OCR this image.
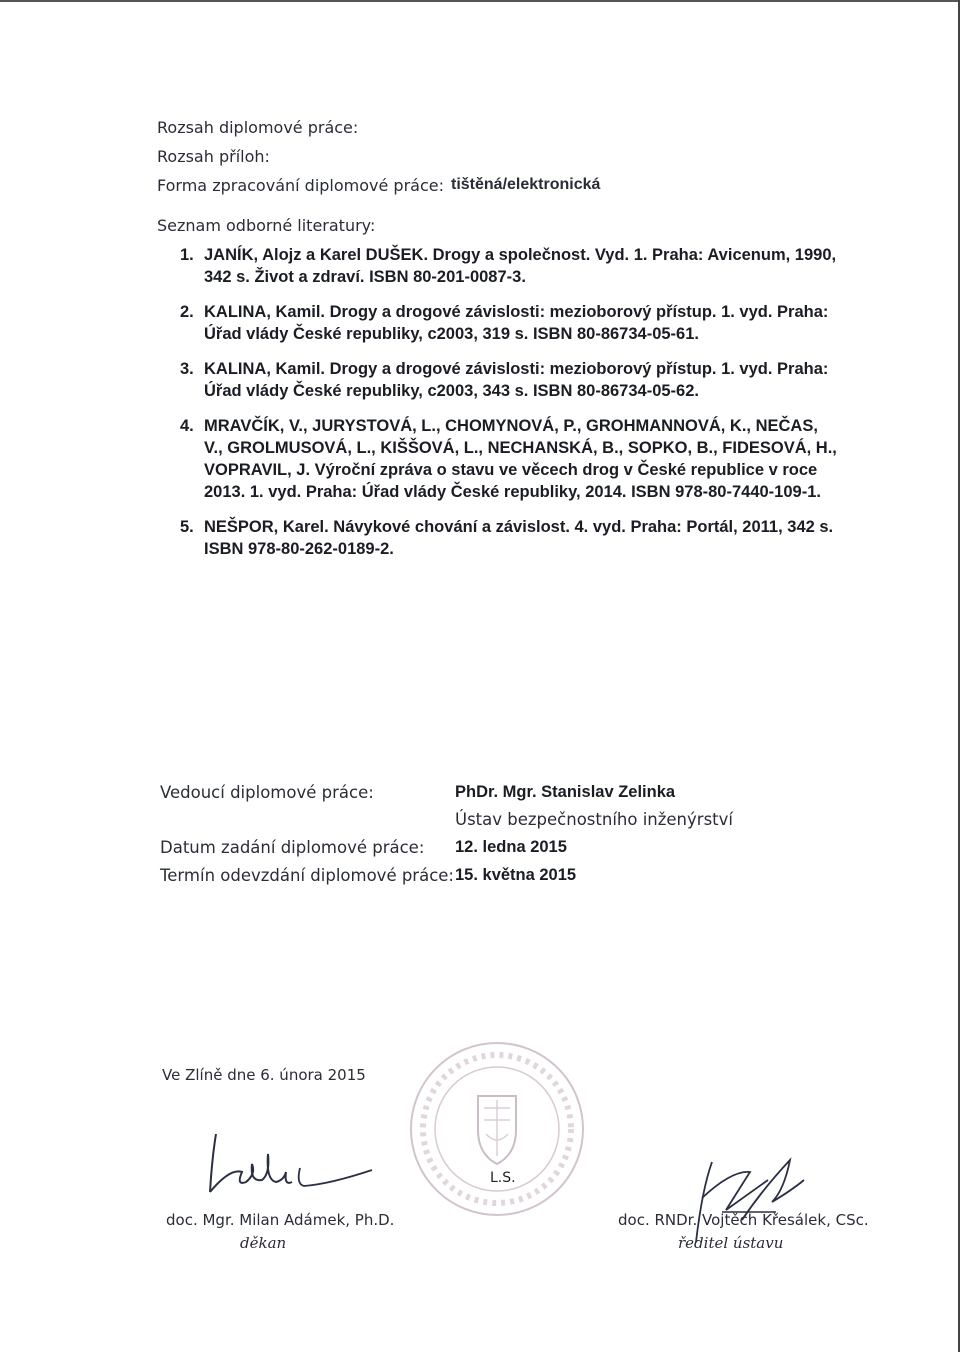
Rozsah diplomové práce:
Rozsah příloh:
Forma zpracování diplomové práce: tištěná/elektronická
Seznam odborné literatury:
1. JANÍK, Alojz a Karel DUŠEK. Drogy a společnost. Vyd. 1. Praha: Avicenum, 1990, 342 s. Život a zdraví. ISBN 80-201-0087-3.
2. KALINA, Kamil. Drogy a drogové závislosti: mezioborový přístup. 1. vyd. Praha: Úřad vlády České republiky, c2003, 319 s. ISBN 80-86734-05-61.
3. KALINA, Kamil. Drogy a drogové závislosti: mezioborový přístup. 1. vyd. Praha: Úřad vlády České republiky, c2003, 343 s. ISBN 80-86734-05-62.
4. MRAVČÍK, V., JURYSTOVÁ, L., CHOMYNOVÁ, P., GROHMANNOVÁ, K., NEČAS, V., GROLMUSOVÁ, L., KIŠŠOVÁ, L., NECHANSKÁ, B., SOPKO, B., FIDESOVÁ, H., VOPRAVIL, J. Výroční zpráva o stavu ve věcech drog v České republice v roce 2013. 1. vyd. Praha: Úřad vlády České republiky, 2014. ISBN 978-80-7440-109-1.
5. NEŠPOR, Karel. Návykové chování a závislost. 4. vyd. Praha: Portál, 2011, 342 s. ISBN 978-80-262-0189-2.
Vedoucí diplomové práce:	PhDr. Mgr. Stanislav Zelinka
Ústav bezpečnostního inženýrství
Datum zadání diplomové práce: 12. ledna 2015
Termín odevzdání diplomové práce: 15. května 2015
Ve Zlíně dne 6. února 2015
L.S.
doc. Mgr. Milan Adámek, Ph.D.
děkan
doc. RNDr. Vojtěch Křesálek, CSc.
ředitel ústavu
